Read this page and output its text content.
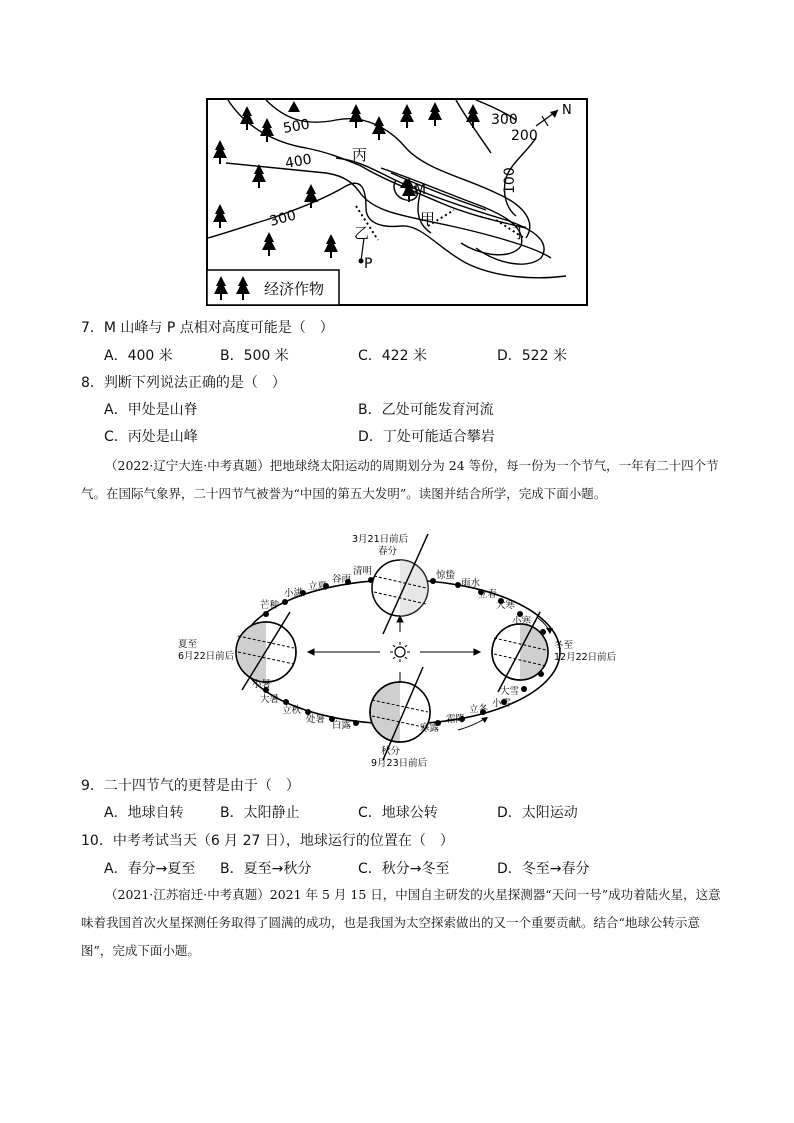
500
400
300
300
200
100
N
丙
甲
乙	丁
M
P
经济作物
7．M 山峰与 P 点相对高度可能是（　）
A．400 米	B．500 米	C．422 米	D．522 米
8．判断下列说法正确的是（　）
A．甲处是山脊	B．乙处可能发育河流
C．丙处是山峰	D．丁处可能适合攀岩
（2022·辽宁大连·中考真题）把地球绕太阳运动的周期划分为 24 等份，每一份为一个节气，一年有二十四个节气。在国际气象界，二十四节气被誉为“中国的第五大发明”。读图并结合所学，完成下面小题。
3月21日前后
春分
夏至
6月22日前后
冬至
12月22日前后
秋分
9月23日前后
惊蛰
雨水
立春
大寒
小寒
清明
谷雨
立夏
小满
芒种
小暑
大暑
立秋
处暑
白露	寒露
霜降
立冬
小雪
大雪
9．二十四节气的更替是由于（　）
A．地球自转	B．太阳静止	C．地球公转	D．太阳运动
10．中考考试当天（6 月 27 日），地球运行的位置在（　）
A．春分→夏至 B．夏至→秋分	C．秋分→冬至	D．冬至→春分
（2021·江苏宿迁·中考真题）2021 年 5 月 15 日，中国自主研发的火星探测器“天问一号”成功着陆火星，这意味着我国首次火星探测任务取得了圆满的成功，也是我国为太空探索做出的又一个重要贡献。结合“地球公转示意图”，完成下面小题。
